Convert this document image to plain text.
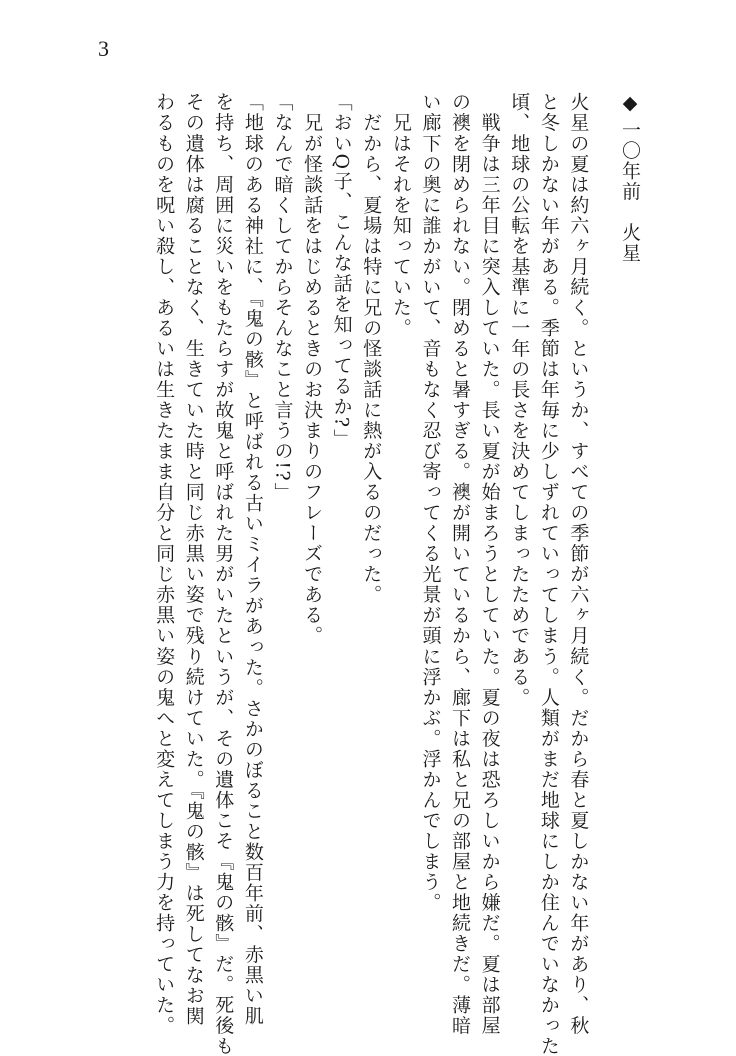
3
◆一〇年前　火星
火星の夏は約六ヶ月続く。というか、すべての季節が六ヶ月続く。だから春と夏しかない年があり、秋
と冬しかない年がある。季節は年毎に少しずれていってしまう。人類がまだ地球にしか住んでいなかった
頃、地球の公転を基準に一年の長さを決めてしまったためである。
　戦争は三年目に突入していた。長い夏が始まろうとしていた。夏の夜は恐ろしいから嫌だ。夏は部屋
の襖を閉められない。閉めると暑すぎる。襖が開いているから、廊下は私と兄の部屋と地続きだ。薄暗
い廊下の奥に誰かがいて、音もなく忍び寄ってくる光景が頭に浮かぶ。浮かんでしまう。
　兄はそれを知っていた。
　だから、夏場は特に兄の怪談話に熱が入るのだった。
「おいQ子、こんな話を知ってるか?」
　兄が怪談話をはじめるときのお決まりのフレーズである。
「なんで暗くしてからそんなこと言うの!?」
「地球のある神社に、『鬼の骸』と呼ばれる古いミイラがあった。さかのぼること数百年前、赤黒い肌
を持ち、周囲に災いをもたらすが故鬼と呼ばれた男がいたというが、その遺体こそ『鬼の骸』だ。死後も
その遺体は腐ることなく、生きていた時と同じ赤黒い姿で残り続けていた。『鬼の骸』は死してなお関
わるものを呪い殺し、あるいは生きたまま自分と同じ赤黒い姿の鬼へと変えてしまう力を持っていた。
